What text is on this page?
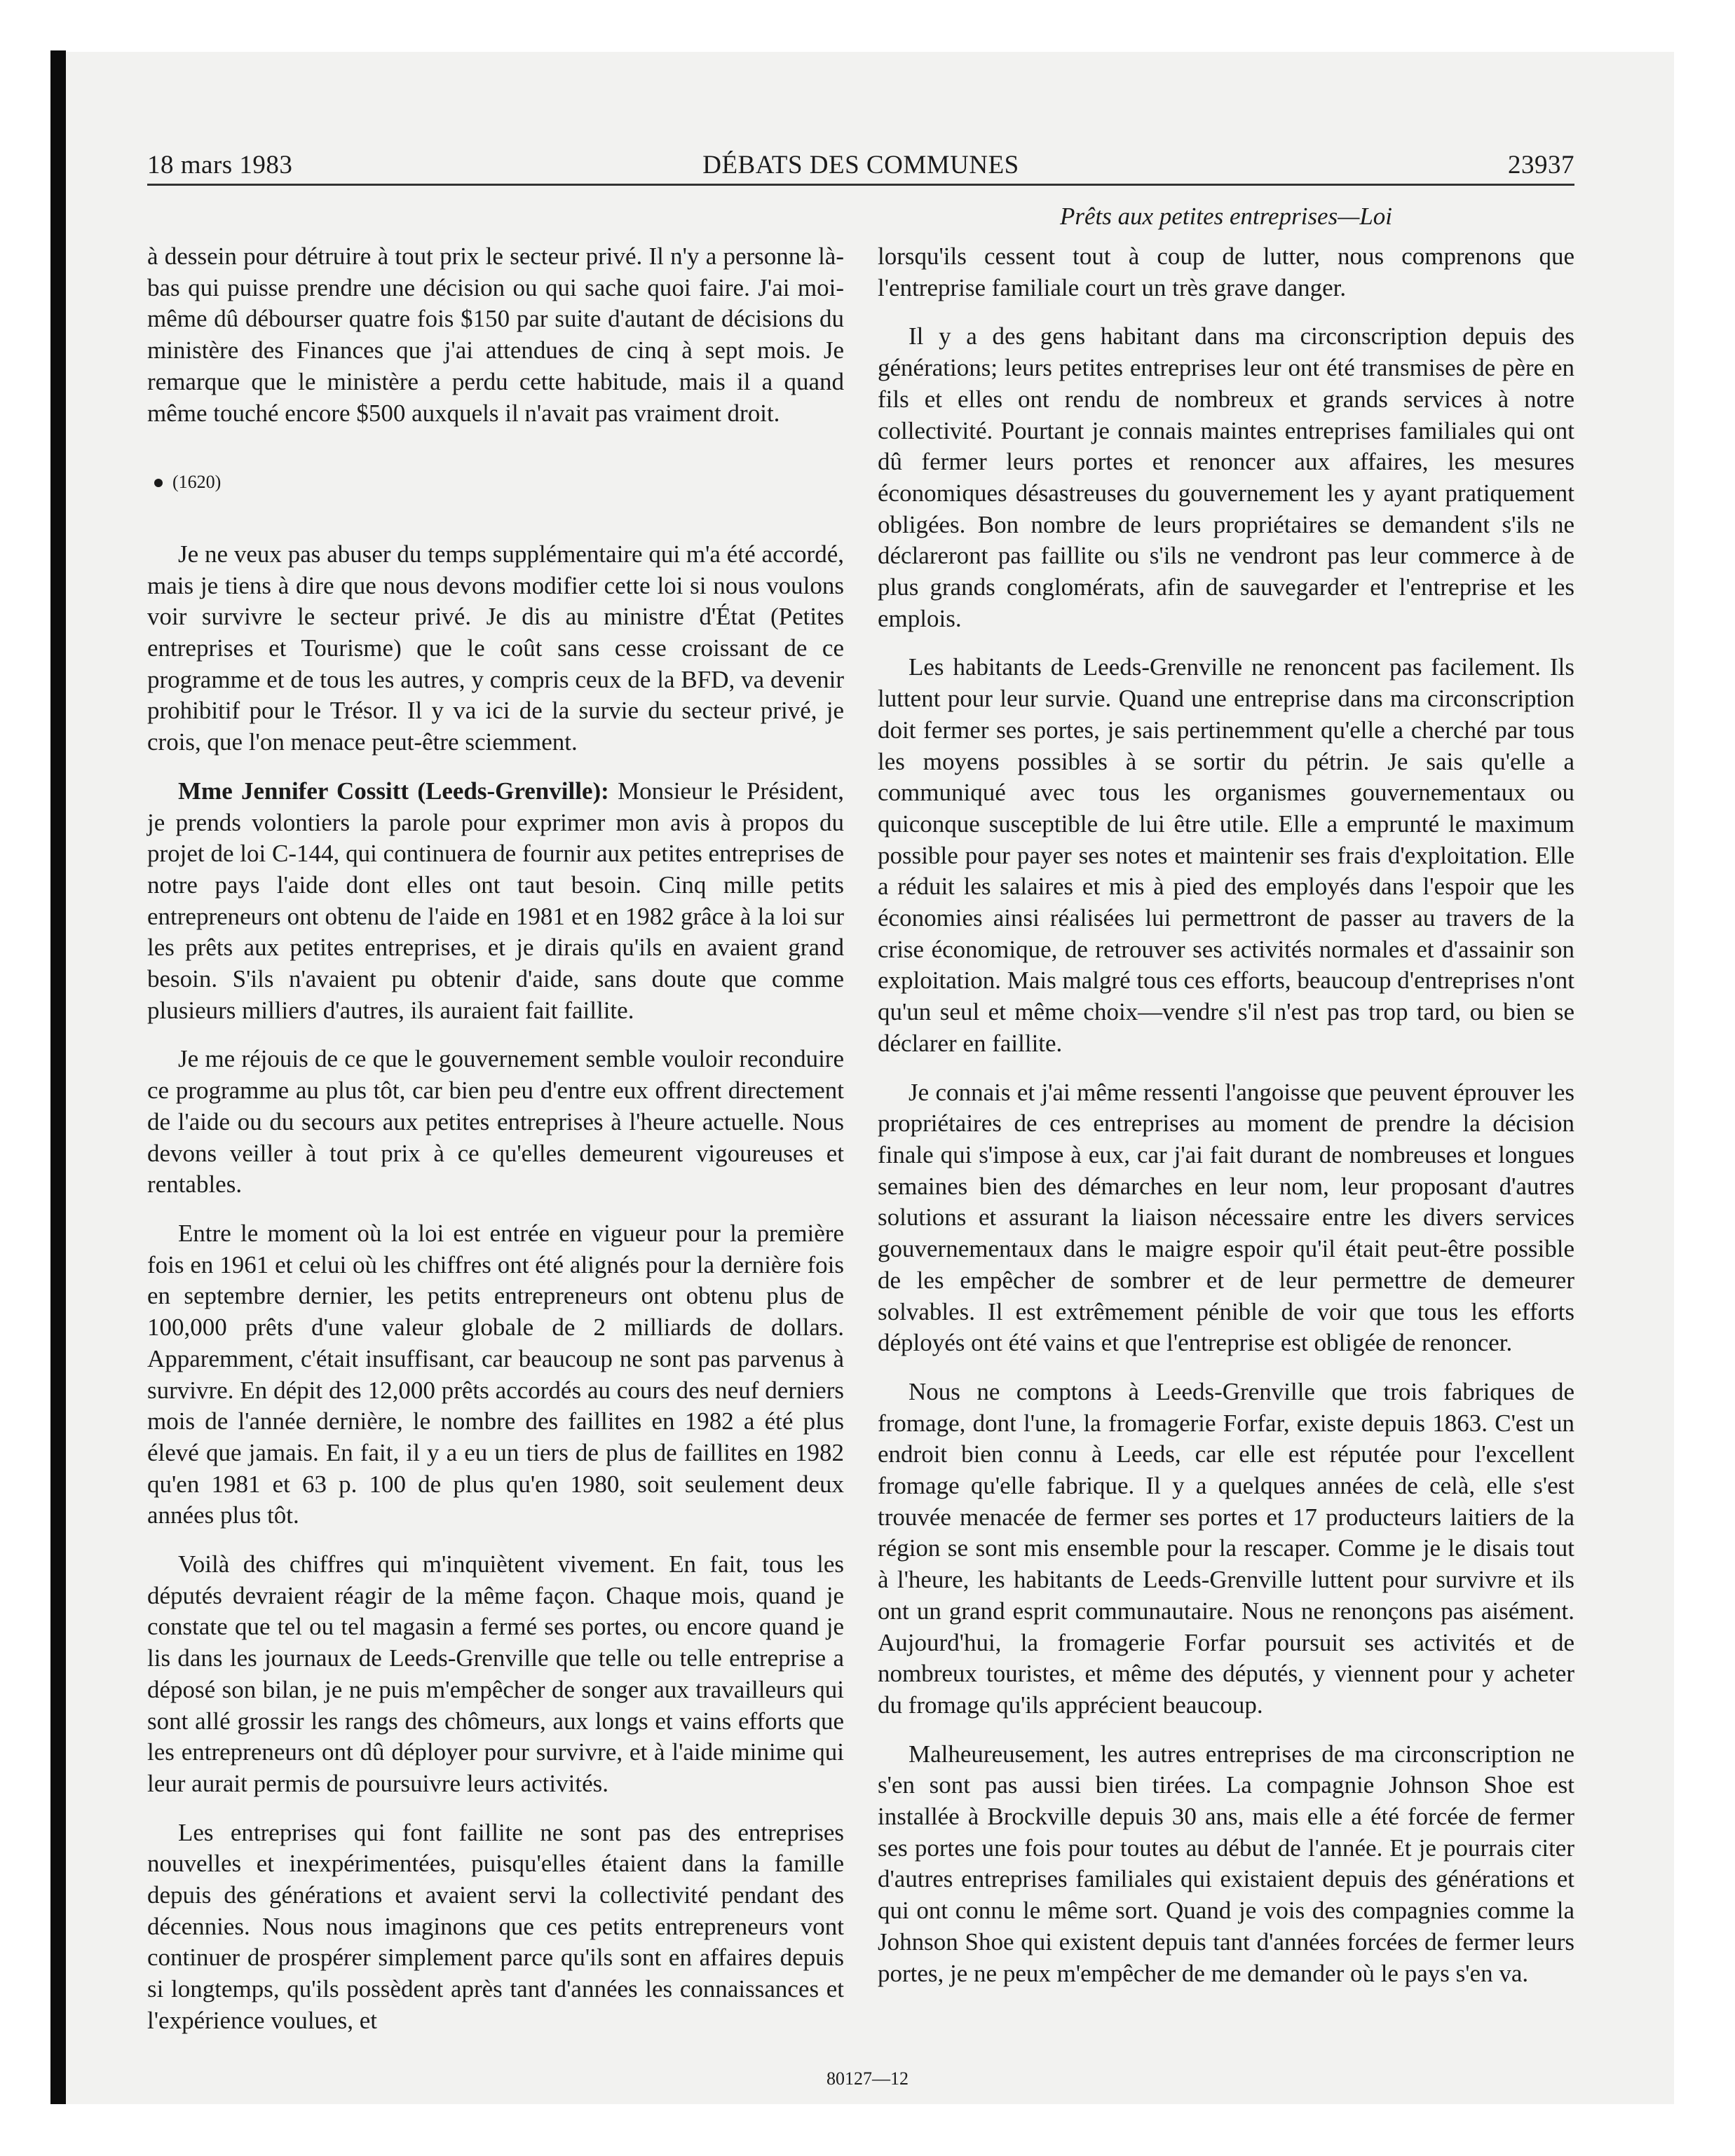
18 mars 1983	DÉBATS DES COMMUNES	23937
Prêts aux petites entreprises—Loi

à dessein pour détruire à tout prix le secteur privé. Il n'y a personne là-bas qui puisse prendre une décision ou qui sache quoi faire. J'ai moi-même dû débourser quatre fois $150 par suite d'autant de décisions du ministère des Finances que j'ai attendues de cinq à sept mois. Je remarque que le ministère a perdu cette habitude, mais il a quand même touché encore $500 auxquels il n'avait pas vraiment droit.

(1620)

Je ne veux pas abuser du temps supplémentaire qui m'a été accordé, mais je tiens à dire que nous devons modifier cette loi si nous voulons voir survivre le secteur privé. Je dis au ministre d'État (Petites entreprises et Tourisme) que le coût sans cesse croissant de ce programme et de tous les autres, y compris ceux de la BFD, va devenir prohibitif pour le Trésor. Il y va ici de la survie du secteur privé, je crois, que l'on menace peut-être sciemment.

Mme Jennifer Cossitt (Leeds-Grenville): Monsieur le Président, je prends volontiers la parole pour exprimer mon avis à propos du projet de loi C-144, qui continuera de fournir aux petites entreprises de notre pays l'aide dont elles ont taut besoin. Cinq mille petits entrepreneurs ont obtenu de l'aide en 1981 et en 1982 grâce à la loi sur les prêts aux petites entreprises, et je dirais qu'ils en avaient grand besoin. S'ils n'avaient pu obtenir d'aide, sans doute que comme plusieurs milliers d'autres, ils auraient fait faillite.

Je me réjouis de ce que le gouvernement semble vouloir reconduire ce programme au plus tôt, car bien peu d'entre eux offrent directement de l'aide ou du secours aux petites entreprises à l'heure actuelle. Nous devons veiller à tout prix à ce qu'elles demeurent vigoureuses et rentables.

Entre le moment où la loi est entrée en vigueur pour la première fois en 1961 et celui où les chiffres ont été alignés pour la dernière fois en septembre dernier, les petits entrepreneurs ont obtenu plus de 100,000 prêts d'une valeur globale de 2 milliards de dollars. Apparemment, c'était insuffisant, car beaucoup ne sont pas parvenus à survivre. En dépit des 12,000 prêts accordés au cours des neuf derniers mois de l'année dernière, le nombre des faillites en 1982 a été plus élevé que jamais. En fait, il y a eu un tiers de plus de faillites en 1982 qu'en 1981 et 63 p. 100 de plus qu'en 1980, soit seulement deux années plus tôt.

Voilà des chiffres qui m'inquiètent vivement. En fait, tous les députés devraient réagir de la même façon. Chaque mois, quand je constate que tel ou tel magasin a fermé ses portes, ou encore quand je lis dans les journaux de Leeds-Grenville que telle ou telle entreprise a déposé son bilan, je ne puis m'empêcher de songer aux travailleurs qui sont allé grossir les rangs des chômeurs, aux longs et vains efforts que les entrepreneurs ont dû déployer pour survivre, et à l'aide minime qui leur aurait permis de poursuivre leurs activités.

Les entreprises qui font faillite ne sont pas des entreprises nouvelles et inexpérimentées, puisqu'elles étaient dans la famille depuis des générations et avaient servi la collectivité pendant des décennies. Nous nous imaginons que ces petits entrepreneurs vont continuer de prospérer simplement parce qu'ils sont en affaires depuis si longtemps, qu'ils possèdent après tant d'années les connaissances et l'expérience voulues, et

lorsqu'ils cessent tout à coup de lutter, nous comprenons que l'entreprise familiale court un très grave danger.

Il y a des gens habitant dans ma circonscription depuis des générations; leurs petites entreprises leur ont été transmises de père en fils et elles ont rendu de nombreux et grands services à notre collectivité. Pourtant je connais maintes entreprises familiales qui ont dû fermer leurs portes et renoncer aux affaires, les mesures économiques désastreuses du gouvernement les y ayant pratiquement obligées. Bon nombre de leurs propriétaires se demandent s'ils ne déclareront pas faillite ou s'ils ne vendront pas leur commerce à de plus grands conglomérats, afin de sauvegarder et l'entreprise et les emplois.

Les habitants de Leeds-Grenville ne renoncent pas facilement. Ils luttent pour leur survie. Quand une entreprise dans ma circonscription doit fermer ses portes, je sais pertinemment qu'elle a cherché par tous les moyens possibles à se sortir du pétrin. Je sais qu'elle a communiqué avec tous les organismes gouvernementaux ou quiconque susceptible de lui être utile. Elle a emprunté le maximum possible pour payer ses notes et maintenir ses frais d'exploitation. Elle a réduit les salaires et mis à pied des employés dans l'espoir que les économies ainsi réalisées lui permettront de passer au travers de la crise économique, de retrouver ses activités normales et d'assainir son exploitation. Mais malgré tous ces efforts, beaucoup d'entreprises n'ont qu'un seul et même choix—vendre s'il n'est pas trop tard, ou bien se déclarer en faillite.

Je connais et j'ai même ressenti l'angoisse que peuvent éprouver les propriétaires de ces entreprises au moment de prendre la décision finale qui s'impose à eux, car j'ai fait durant de nombreuses et longues semaines bien des démarches en leur nom, leur proposant d'autres solutions et assurant la liaison nécessaire entre les divers services gouvernementaux dans le maigre espoir qu'il était peut-être possible de les empêcher de sombrer et de leur permettre de demeurer solvables. Il est extrêmement pénible de voir que tous les efforts déployés ont été vains et que l'entreprise est obligée de renoncer.

Nous ne comptons à Leeds-Grenville que trois fabriques de fromage, dont l'une, la fromagerie Forfar, existe depuis 1863. C'est un endroit bien connu à Leeds, car elle est réputée pour l'excellent fromage qu'elle fabrique. Il y a quelques années de celà, elle s'est trouvée menacée de fermer ses portes et 17 producteurs laitiers de la région se sont mis ensemble pour la rescaper. Comme je le disais tout à l'heure, les habitants de Leeds-Grenville luttent pour survivre et ils ont un grand esprit communautaire. Nous ne renonçons pas aisément. Aujourd'hui, la fromagerie Forfar poursuit ses activités et de nombreux touristes, et même des députés, y viennent pour y acheter du fromage qu'ils apprécient beaucoup.

Malheureusement, les autres entreprises de ma circonscription ne s'en sont pas aussi bien tirées. La compagnie Johnson Shoe est installée à Brockville depuis 30 ans, mais elle a été forcée de fermer ses portes une fois pour toutes au début de l'année. Et je pourrais citer d'autres entreprises familiales qui existaient depuis des générations et qui ont connu le même sort. Quand je vois des compagnies comme la Johnson Shoe qui existent depuis tant d'années forcées de fermer leurs portes, je ne peux m'empêcher de me demander où le pays s'en va.

80127—12
